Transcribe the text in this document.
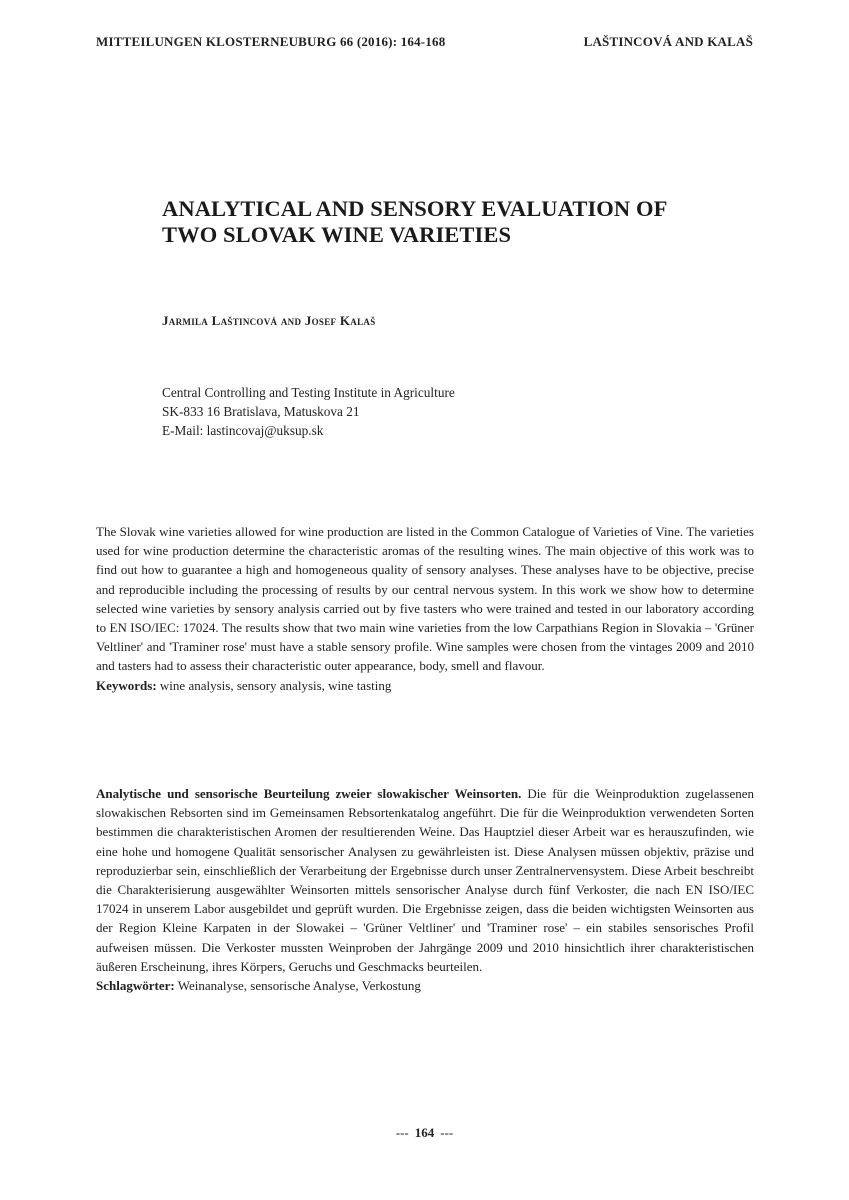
MITTEILUNGEN KLOSTERNEUBURG 66 (2016): 164-168	LAŠTINCOVÁ AND KALAŠ
ANALYTICAL AND SENSORY EVALUATION OF
TWO SLOVAK WINE VARIETIES
Jarmila Laštincová and Josef Kalaš
Central Controlling and Testing Institute in Agriculture
SK-833 16 Bratislava, Matuskova 21
E-Mail: lastincovaj@uksup.sk

The Slovak wine varieties allowed for wine production are listed in the Common Catalogue of Varieties of Vine. The varieties used for wine production determine the characteristic aromas of the resulting wines. The main objective of this work was to find out how to guarantee a high and homogeneous quality of sensory analyses. These analyses have to be objective, precise and reproducible including the processing of results by our central nervous system. In this work we show how to determine selected wine varieties by sensory analysis carried out by five tasters who were trained and tested in our laboratory according to EN ISO/IEC: 17024. The results show that two main wine varieties from the low Carpathians Region in Slovakia – 'Grüner Veltliner' and 'Traminer rose' must have a stable sensory profile. Wine samples were chosen from the vintages 2009 and 2010 and tasters had to assess their characteristic outer appearance, body, smell and flavour.

Keywords: wine analysis, sensory analysis, wine tasting

Analytische und sensorische Beurteilung zweier slowakischer Weinsorten. Die für die Weinproduktion zugelassenen slowakischen Rebsorten sind im Gemeinsamen Rebsortenkatalog angeführt. Die für die Weinproduktion verwendeten Sorten bestimmen die charakteristischen Aromen der resultierenden Weine. Das Hauptziel dieser Arbeit war es herauszufinden, wie eine hohe und homogene Qualität sensorischer Analysen zu gewährleisten ist. Diese Analysen müssen objektiv, präzise und reproduzierbar sein, einschließlich der Verarbeitung der Ergebnisse durch unser Zentralnervensystem. Diese Arbeit beschreibt die Charakterisierung ausgewählter Weinsorten mittels sensorischer Analyse durch fünf Verkoster, die nach EN ISO/IEC 17024 in unserem Labor ausgebildet und geprüft wurden. Die Ergebnisse zeigen, dass die beiden wichtigsten Weinsorten aus der Region Kleine Karpaten in der Slowakei – 'Grüner Veltliner' und 'Traminer rose' – ein stabiles sensorisches Profil aufweisen müssen. Die Verkoster mussten Weinproben der Jahrgänge 2009 und 2010 hinsichtlich ihrer charakteristischen äußeren Erscheinung, ihres Körpers, Geruchs und Geschmacks beurteilen.

Schlagwörter: Weinanalyse, sensorische Analyse, Verkostung

--- 164 ---
